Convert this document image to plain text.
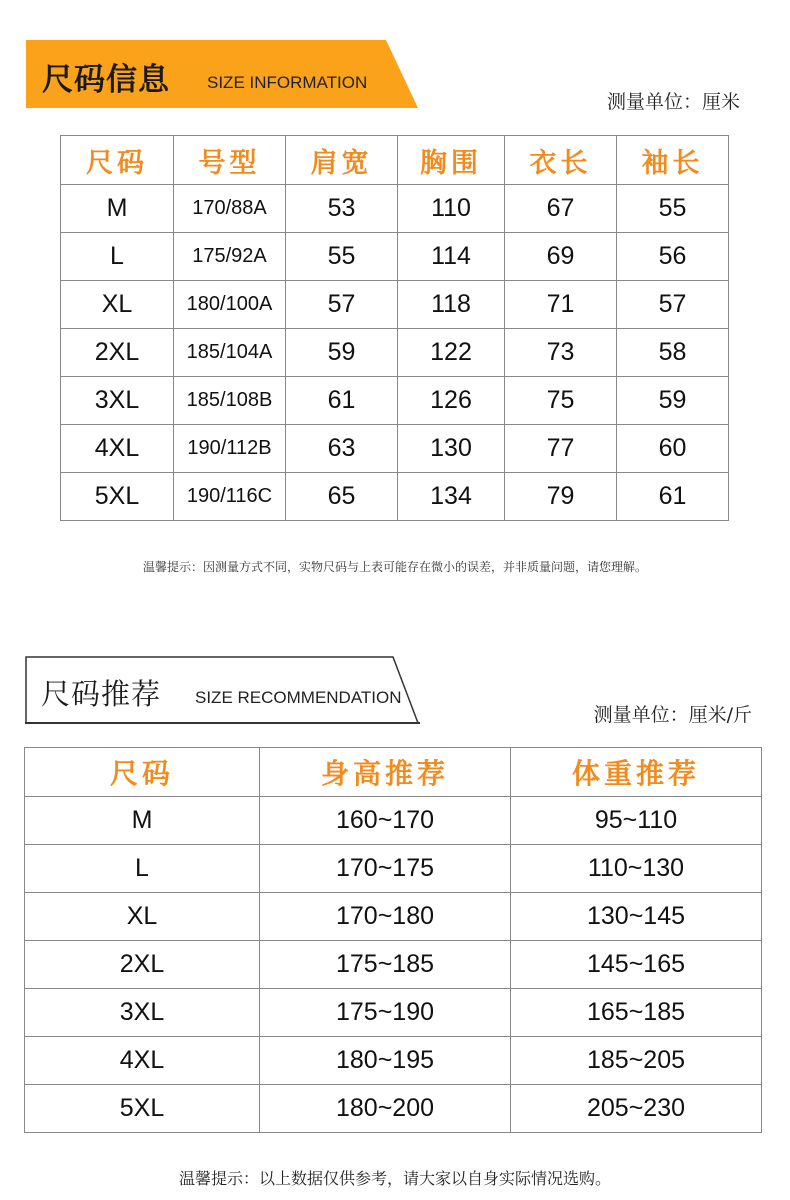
尺码信息 SIZE INFORMATION
测量单位：厘米
尺码	号型	肩宽	胸围	衣长	袖长
M	170/88A	53	110	67	55
L	175/92A	55	114	69	56
XL	180/100A	57	118	71	57
2XL	185/104A	59	122	73	58
3XL	185/108B	61	126	75	59
4XL	190/112B	63	130	77	60
5XL	190/116C	65	134	79	61
温馨提示：因测量方式不同，实物尺码与上表可能存在微小的误差，并非质量问题，请您理解。
尺码推荐 SIZE RECOMMENDATION
测量单位：厘米/斤
尺码	身高推荐	体重推荐
M	160~170	95~110
L	170~175	110~130
XL	170~180	130~145
2XL	175~185	145~165
3XL	175~190	165~185
4XL	180~195	185~205
5XL	180~200	205~230
温馨提示：以上数据仅供参考，请大家以自身实际情况选购。
